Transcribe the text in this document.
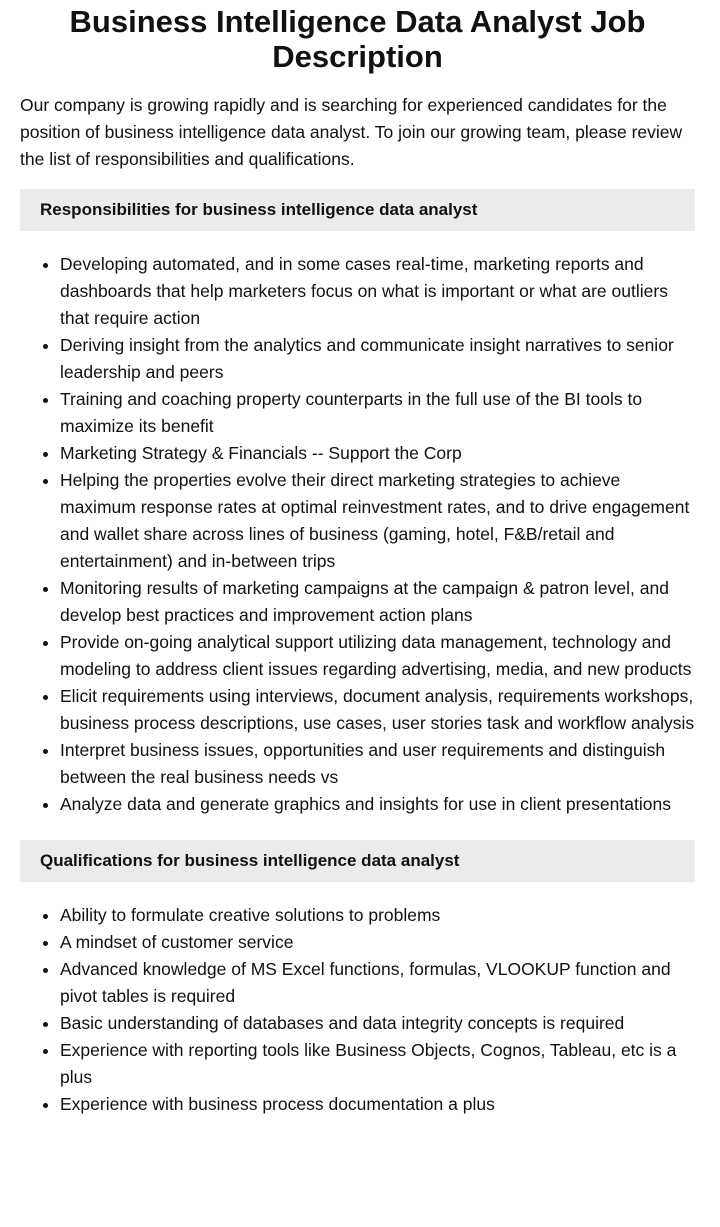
Business Intelligence Data Analyst Job Description

Our company is growing rapidly and is searching for experienced candidates for the position of business intelligence data analyst. To join our growing team, please review the list of responsibilities and qualifications.

Responsibilities for business intelligence data analyst
• Developing automated, and in some cases real-time, marketing reports and dashboards that help marketers focus on what is important or what are outliers that require action
• Deriving insight from the analytics and communicate insight narratives to senior leadership and peers
• Training and coaching property counterparts in the full use of the BI tools to maximize its benefit
• Marketing Strategy & Financials -- Support the Corp
• Helping the properties evolve their direct marketing strategies to achieve maximum response rates at optimal reinvestment rates, and to drive engagement and wallet share across lines of business (gaming, hotel, F&B/retail and entertainment) and in-between trips
• Monitoring results of marketing campaigns at the campaign & patron level, and develop best practices and improvement action plans
• Provide on-going analytical support utilizing data management, technology and modeling to address client issues regarding advertising, media, and new products
• Elicit requirements using interviews, document analysis, requirements workshops, business process descriptions, use cases, user stories task and workflow analysis
• Interpret business issues, opportunities and user requirements and distinguish between the real business needs vs
• Analyze data and generate graphics and insights for use in client presentations
Qualifications for business intelligence data analyst
• Ability to formulate creative solutions to problems
• A mindset of customer service
• Advanced knowledge of MS Excel functions, formulas, VLOOKUP function and pivot tables is required
• Basic understanding of databases and data integrity concepts is required
• Experience with reporting tools like Business Objects, Cognos, Tableau, etc is a plus
• Experience with business process documentation a plus
